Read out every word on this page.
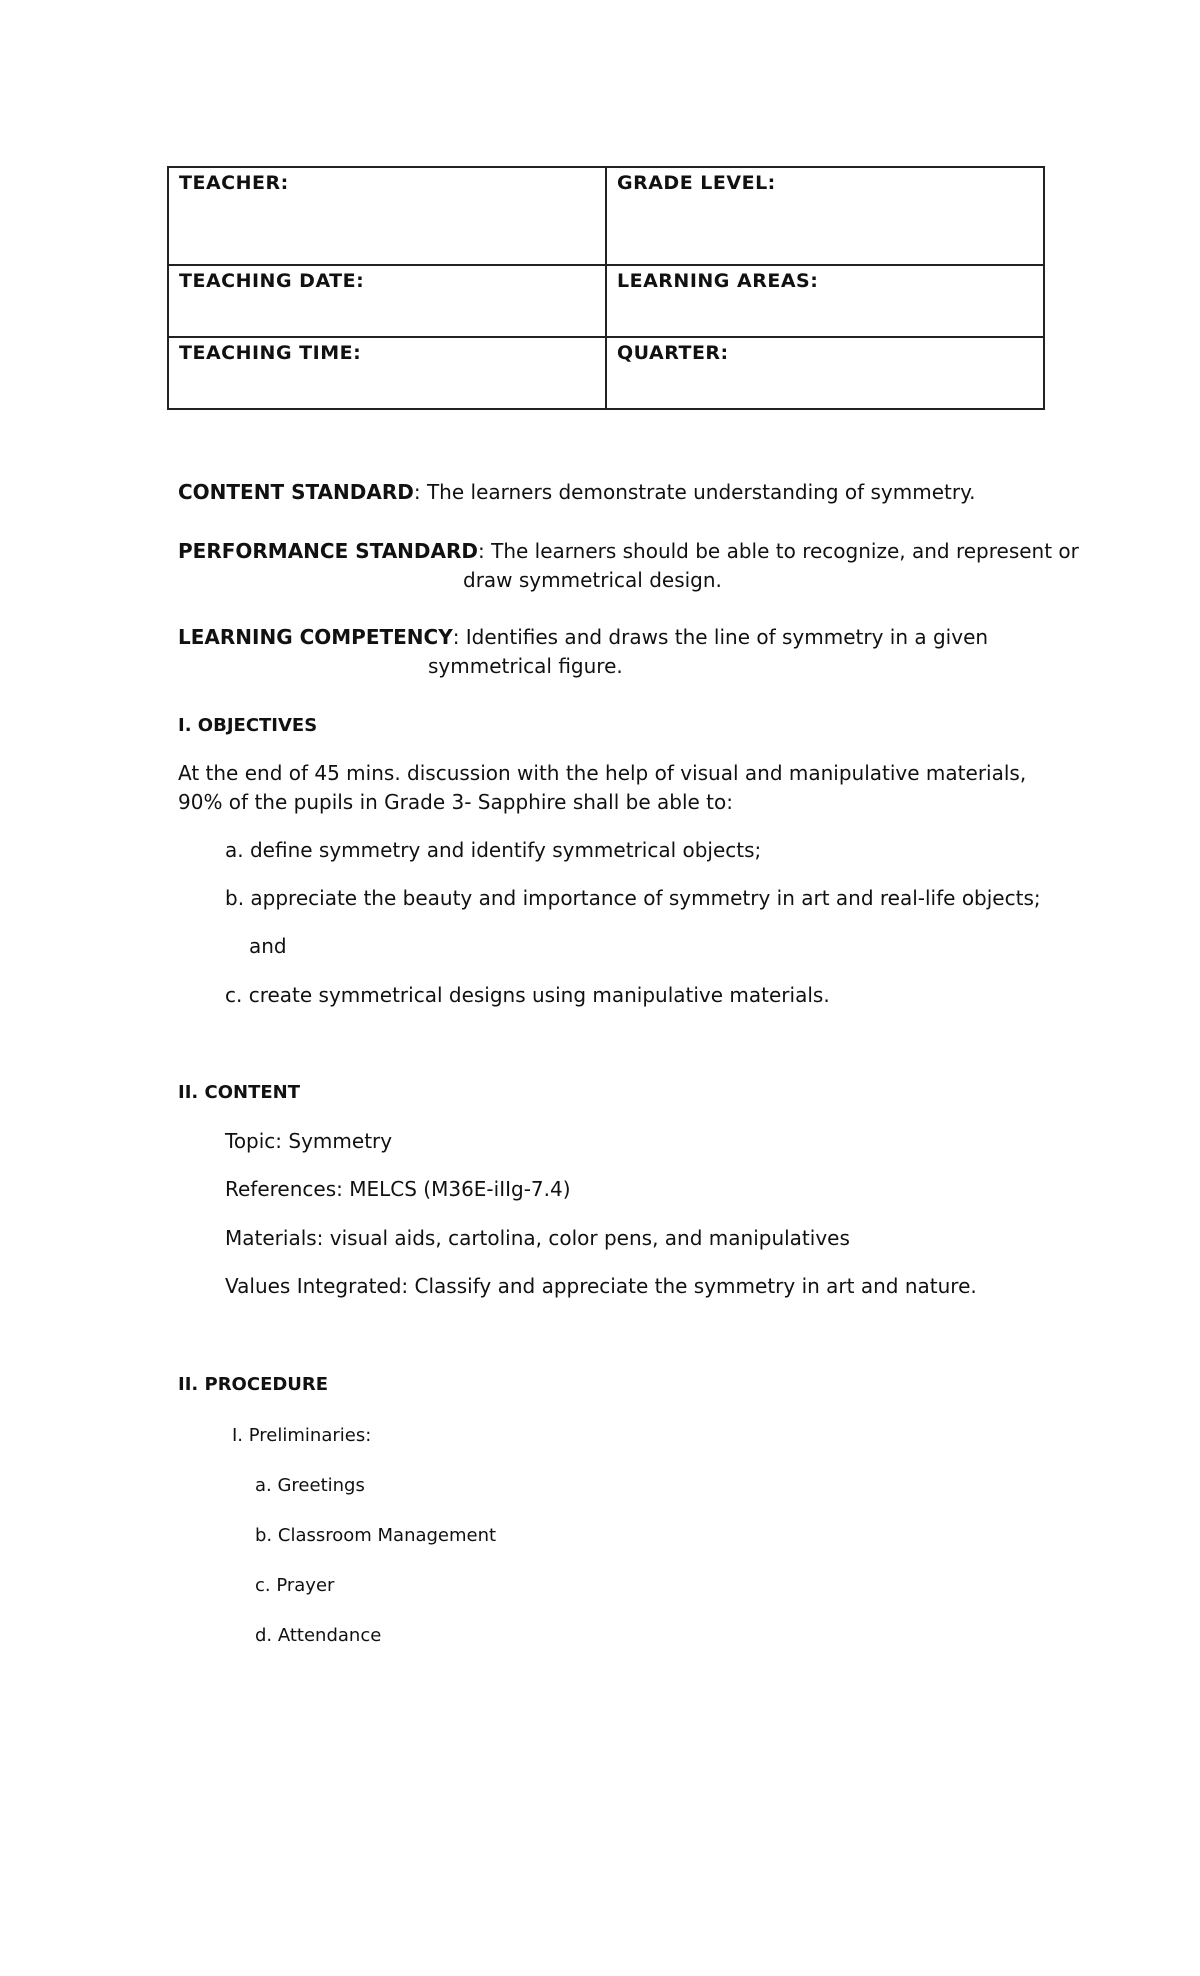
TEACHER:	GRADE LEVEL:
TEACHING DATE:	LEARNING AREAS:
TEACHING TIME:	QUARTER:
CONTENT STANDARD: The learners demonstrate understanding of symmetry.
PERFORMANCE STANDARD: The learners should be able to recognize, and represent or
draw symmetrical design.
LEARNING COMPETENCY: Identifies and draws the line of symmetry in a given
symmetrical figure.
I. OBJECTIVES
At the end of 45 mins. discussion with the help of visual and manipulative materials,
90% of the pupils in Grade 3- Sapphire shall be able to:
a. define symmetry and identify symmetrical objects;
b. appreciate the beauty and importance of symmetry in art and real-life objects;
and
c. create symmetrical designs using manipulative materials.
II. CONTENT
Topic: Symmetry
References: MELCS (M36E-iIIg-7.4)
Materials: visual aids, cartolina, color pens, and manipulatives
Values Integrated: Classify and appreciate the symmetry in art and nature.
II. PROCEDURE
I. Preliminaries:
a. Greetings
b. Classroom Management
c. Prayer
d. Attendance
